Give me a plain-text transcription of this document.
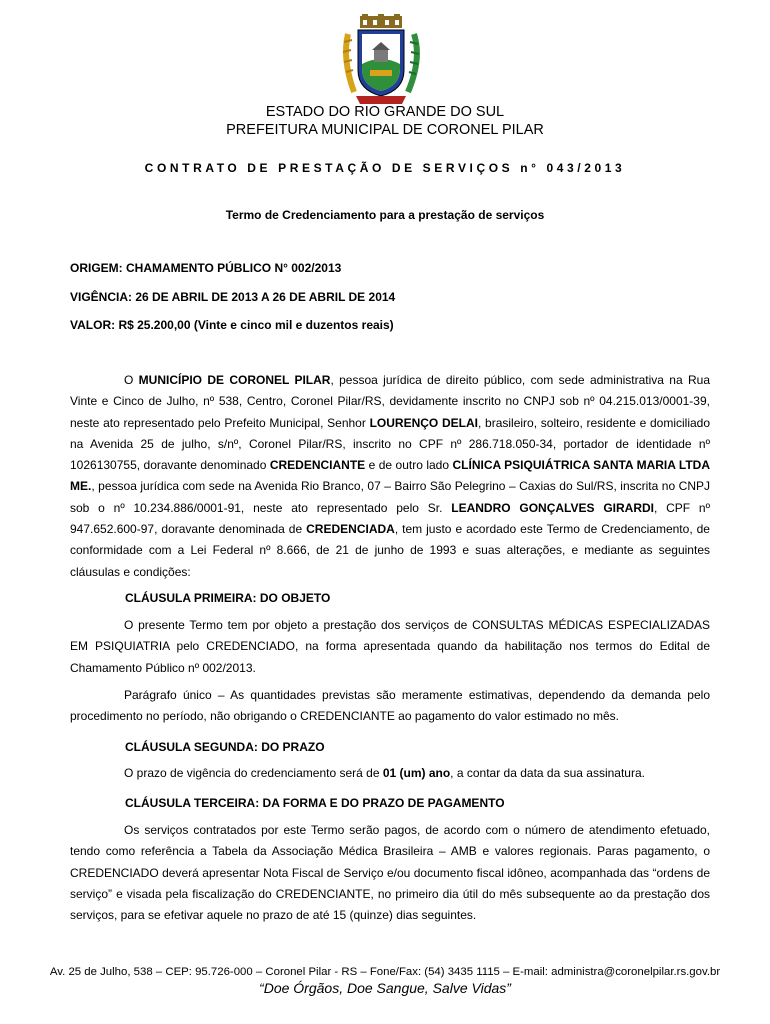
ESTADO DO RIO GRANDE DO SUL
PREFEITURA MUNICIPAL DE CORONEL PILAR
CONTRATO DE PRESTAÇÃO DE SERVIÇOS n° 043/2013
Termo de Credenciamento para a prestação de serviços
ORIGEM: CHAMAMENTO PÚBLICO N° 002/2013
VIGÊNCIA: 26 DE ABRIL DE 2013 A 26 DE ABRIL DE 2014
VALOR: R$ 25.200,00 (Vinte e cinco mil e duzentos reais)

O MUNICÍPIO DE CORONEL PILAR, pessoa jurídica de direito público, com sede administrativa na Rua Vinte e Cinco de Julho, nº 538, Centro, Coronel Pilar/RS, devidamente inscrito no CNPJ sob nº 04.215.013/0001-39, neste ato representado pelo Prefeito Municipal, Senhor LOURENÇO DELAI, brasileiro, solteiro, residente e domiciliado na Avenida 25 de julho, s/nº, Coronel Pilar/RS, inscrito no CPF nº 286.718.050-34, portador de identidade nº 1026130755, doravante denominado CREDENCIANTE e de outro lado CLÍNICA PSIQUIÁTRICA SANTA MARIA LTDA ME., pessoa jurídica com sede na Avenida Rio Branco, 07 – Bairro São Pelegrino – Caxias do Sul/RS, inscrita no CNPJ sob o nº 10.234.886/0001-91, neste ato representado pelo Sr. LEANDRO GONÇALVES GIRARDI, CPF nº 947.652.600-97, doravante denominada de CREDENCIADA, tem justo e acordado este Termo de Credenciamento, de conformidade com a Lei Federal nº 8.666, de 21 de junho de 1993 e suas alterações, e mediante as seguintes cláusulas e condições:

CLÁUSULA PRIMEIRA: DO OBJETO

O presente Termo tem por objeto a prestação dos serviços de CONSULTAS MÉDICAS ESPECIALIZADAS EM PSIQUIATRIA pelo CREDENCIADO, na forma apresentada quando da habilitação nos termos do Edital de Chamamento Público nº 002/2013.

Parágrafo único – As quantidades previstas são meramente estimativas, dependendo da demanda pelo procedimento no período, não obrigando o CREDENCIANTE ao pagamento do valor estimado no mês.

CLÁUSULA SEGUNDA: DO PRAZO

O prazo de vigência do credenciamento será de 01 (um) ano, a contar da data da sua assinatura.

CLÁUSULA TERCEIRA: DA FORMA E DO PRAZO DE PAGAMENTO

Os serviços contratados por este Termo serão pagos, de acordo com o número de atendimento efetuado, tendo como referência a Tabela da Associação Médica Brasileira – AMB e valores regionais. Paras pagamento, o CREDENCIADO deverá apresentar Nota Fiscal de Serviço e/ou documento fiscal idôneo, acompanhada das “ordens de serviço” e visada pela fiscalização do CREDENCIANTE, no primeiro dia útil do mês subsequente ao da prestação dos serviços, para se efetivar aquele no prazo de até 15 (quinze) dias seguintes.

Av. 25 de Julho, 538 – CEP: 95.726-000 – Coronel Pilar - RS – Fone/Fax: (54) 3435 1115 – E-mail: administra@coronelpilar.rs.gov.br
“Doe Órgãos, Doe Sangue, Salve Vidas”
